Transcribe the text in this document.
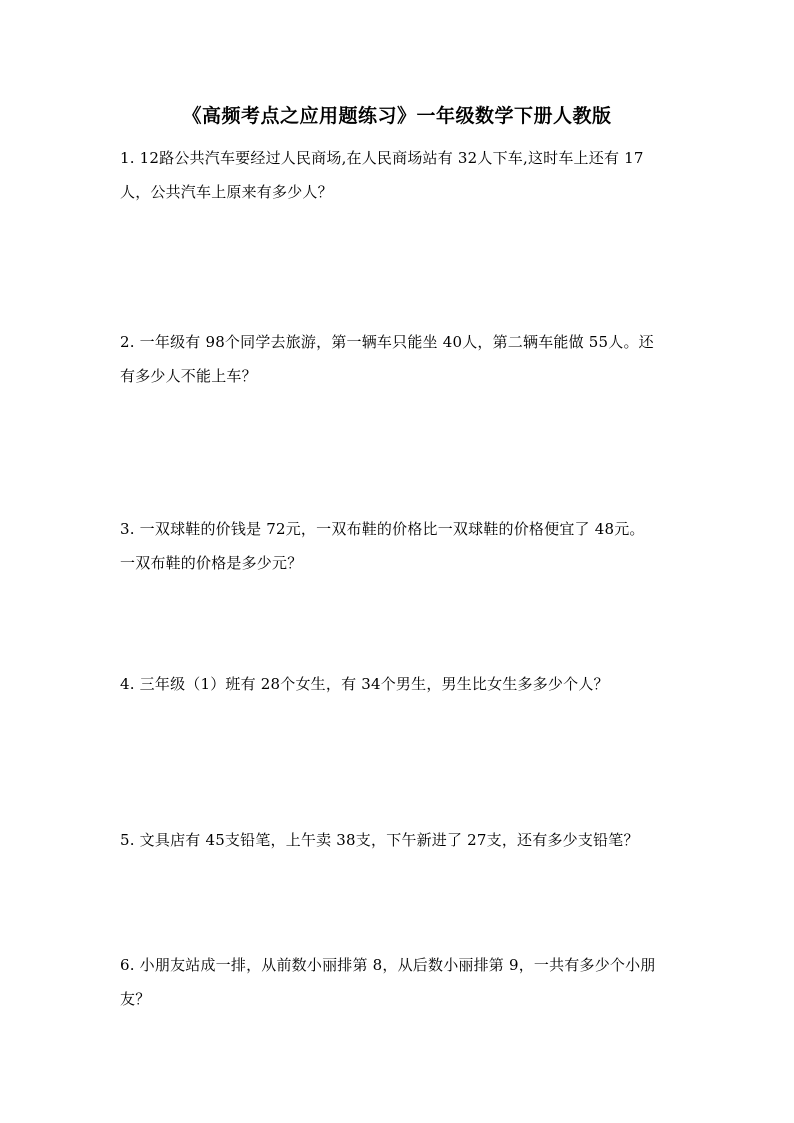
《高频考点之应用题练习》一年级数学下册人教版
1. 12路公共汽车要经过人民商场,在人民商场站有 32人下车,这时车上还有 17
人，公共汽车上原来有多少人？
2. 一年级有 98个同学去旅游，第一辆车只能坐 40人，第二辆车能做 55人。还
有多少人不能上车？
3. 一双球鞋的价钱是 72元，一双布鞋的价格比一双球鞋的价格便宜了 48元。
一双布鞋的价格是多少元？
4. 三年级（1）班有 28个女生，有 34个男生，男生比女生多多少个人？
5. 文具店有 45支铅笔，上午卖 38支，下午新进了 27支，还有多少支铅笔？
6. 小朋友站成一排，从前数小丽排第 8，从后数小丽排第 9，一共有多少个小朋
友？
